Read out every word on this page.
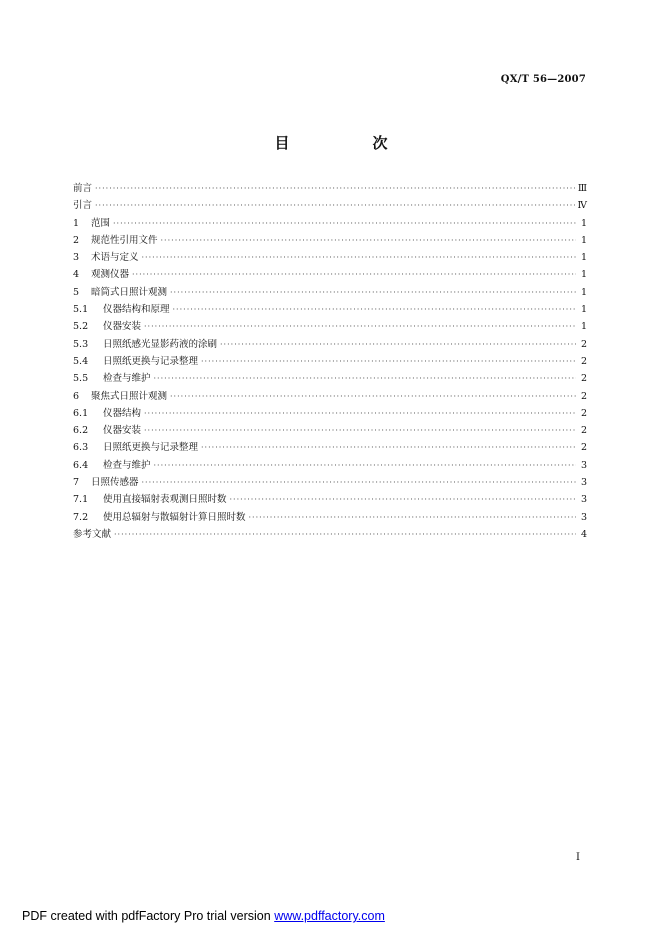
QX/T 56—2007
目　次
前言 ·····	Ⅲ
引言 ·····	Ⅳ
1	范围 ·····	1
2	规范性引用文件 ·····	1
3	术语与定义 ·····	1
4	观测仪器 ·····	1
5	暗筒式日照计观测 ·····	1
5.1	仪器结构和原理 ·····	1
5.2	仪器安装 ·····	1
5.3	日照纸感光显影药液的涂刷 ·····	2
5.4	日照纸更换与记录整理 ·····	2
5.5	检查与维护 ·····	2
6	聚焦式日照计观测 ·····	2
6.1	仪器结构 ·····	2
6.2	仪器安装 ·····	2
6.3	日照纸更换与记录整理 ·····	2
6.4	检查与维护 ·····	3
7	日照传感器 ·····	3
7.1	使用直接辐射表观测日照时数 ·····	3
7.2	使用总辐射与散辐射计算日照时数 ·····	3
参考文献 ·····	4
Ⅰ
PDF created with pdfFactory Pro trial version www.pdffactory.com
